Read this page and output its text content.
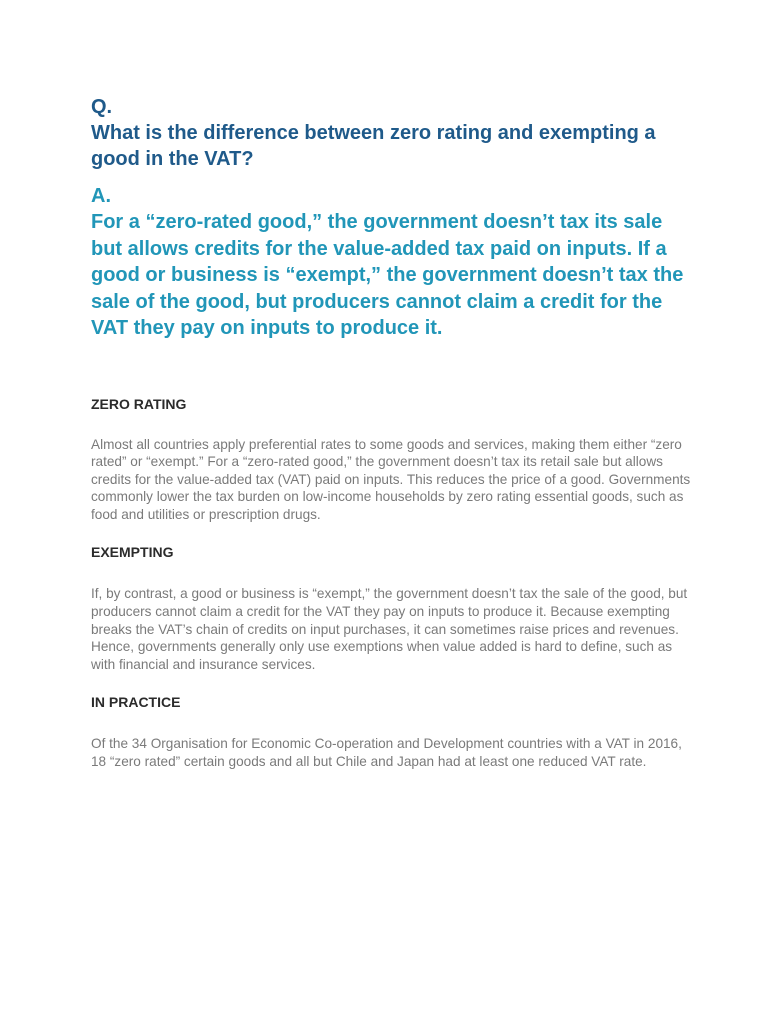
Q.

What is the difference between zero rating and exempting a good in the VAT?

A.

For a “zero-rated good,” the government doesn’t tax its sale but allows credits for the value-added tax paid on inputs. If a good or business is “exempt,” the government doesn’t tax the sale of the good, but producers cannot claim a credit for the VAT they pay on inputs to produce it.

ZERO RATING

Almost all countries apply preferential rates to some goods and services, making them either “zero rated” or “exempt.” For a “zero-rated good,” the government doesn’t tax its retail sale but allows credits for the value-added tax (VAT) paid on inputs. This reduces the price of a good. Governments commonly lower the tax burden on low-income households by zero rating essential goods, such as food and utilities or prescription drugs.

EXEMPTING

If, by contrast, a good or business is “exempt,” the government doesn’t tax the sale of the good, but producers cannot claim a credit for the VAT they pay on inputs to produce it. Because exempting breaks the VAT’s chain of credits on input purchases, it can sometimes raise prices and revenues. Hence, governments generally only use exemptions when value added is hard to define, such as with financial and insurance services.

IN PRACTICE

Of the 34 Organisation for Economic Co-operation and Development countries with a VAT in 2016, 18 “zero rated” certain goods and all but Chile and Japan had at least one reduced VAT rate.
